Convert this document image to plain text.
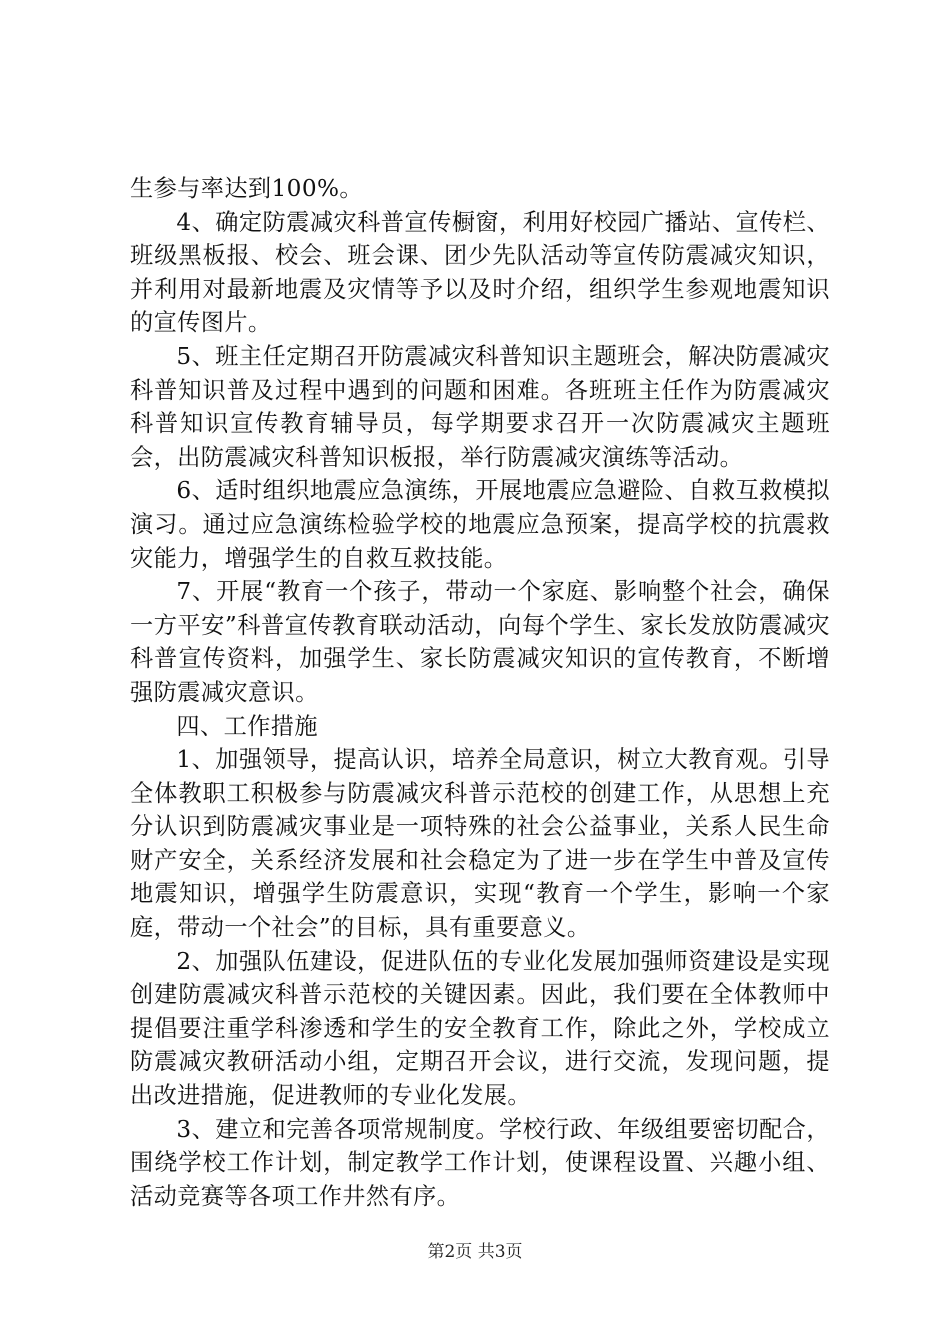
生参与率达到100%。

4、确定防震减灾科普宣传橱窗，利用好校园广播站、宣传栏、班级黑板报、校会、班会课、团少先队活动等宣传防震减灾知识，并利用对最新地震及灾情等予以及时介绍，组织学生参观地震知识的宣传图片。

5、班主任定期召开防震减灾科普知识主题班会，解决防震减灾科普知识普及过程中遇到的问题和困难。各班班主任作为防震减灾科普知识宣传教育辅导员，每学期要求召开一次防震减灾主题班会，出防震减灾科普知识板报，举行防震减灾演练等活动。

6、适时组织地震应急演练，开展地震应急避险、自救互救模拟演习。通过应急演练检验学校的地震应急预案，提高学校的抗震救灾能力，增强学生的自救互救技能。

7、开展“教育一个孩子，带动一个家庭、影响整个社会，确保一方平安”科普宣传教育联动活动，向每个学生、家长发放防震减灾科普宣传资料，加强学生、家长防震减灾知识的宣传教育，不断增强防震减灾意识。

四、工作措施

1、加强领导，提高认识，培养全局意识，树立大教育观。引导全体教职工积极参与防震减灾科普示范校的创建工作，从思想上充分认识到防震减灾事业是一项特殊的社会公益事业，关系人民生命财产安全，关系经济发展和社会稳定为了进一步在学生中普及宣传地震知识，增强学生防震意识，实现“教育一个学生，影响一个家庭，带动一个社会”的目标，具有重要意义。

2、加强队伍建设，促进队伍的专业化发展加强师资建设是实现创建防震减灾科普示范校的关键因素。因此，我们要在全体教师中提倡要注重学科渗透和学生的安全教育工作，除此之外，学校成立防震减灾教研活动小组，定期召开会议，进行交流，发现问题，提出改进措施，促进教师的专业化发展。

3、建立和完善各项常规制度。学校行政、年级组要密切配合，围绕学校工作计划，制定教学工作计划，使课程设置、兴趣小组、活动竞赛等各项工作井然有序。

第2页 共3页
